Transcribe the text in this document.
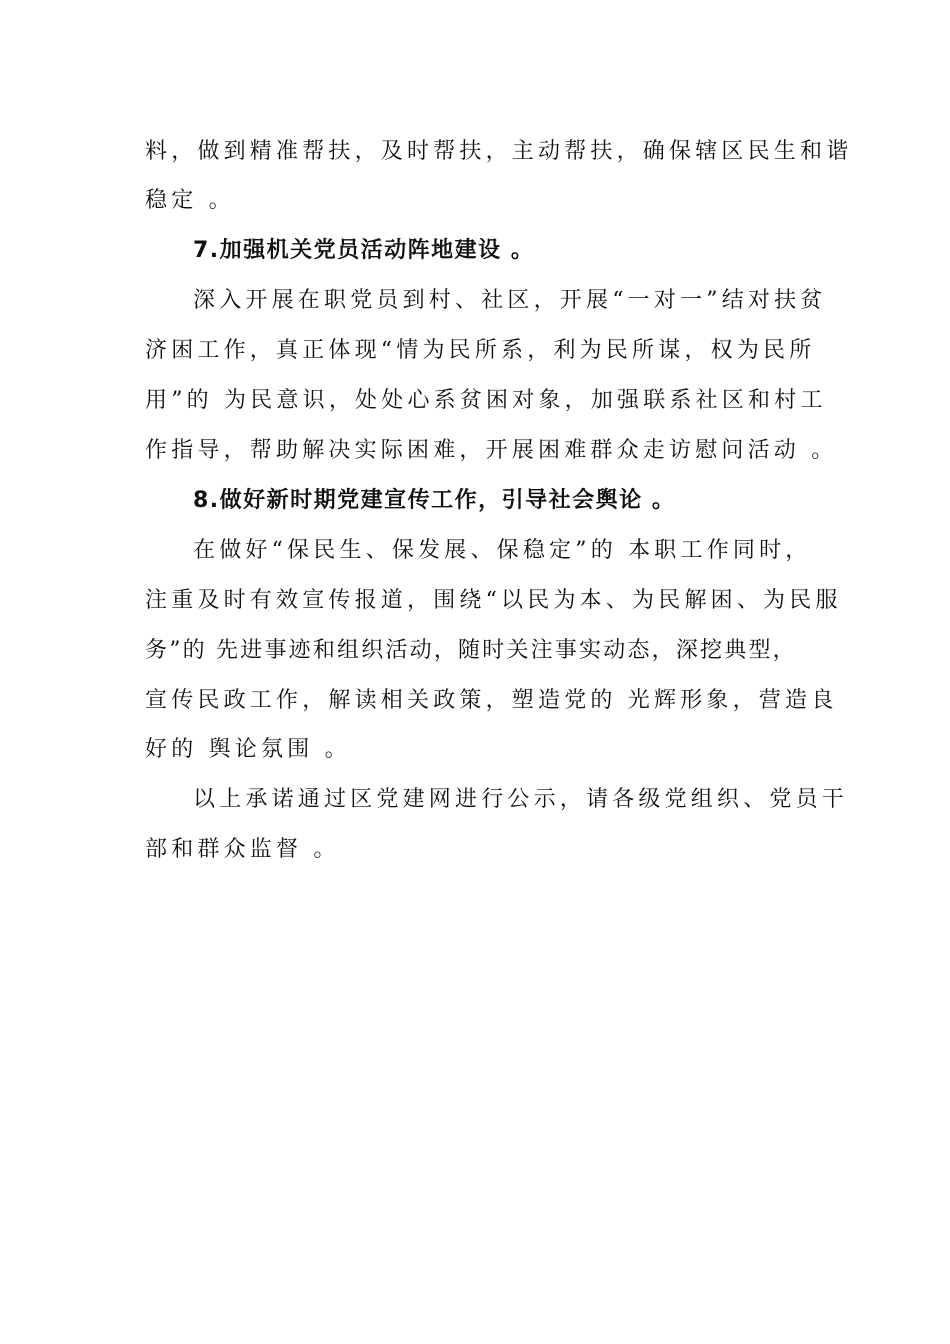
料，做到精准帮扶，及时帮扶，主动帮扶，确保辖区民生和谐
稳定 。
7.加强机关党员活动阵地建设 。
深入开展在职党员到村、社区，开展“一对一”结对扶贫
济困工作，真正体现“情为民所系，利为民所谋，权为民所
用”的 为民意识，处处心系贫困对象，加强联系社区和村工
作指导，帮助解决实际困难，开展困难群众走访慰问活动 。
8.做好新时期党建宣传工作，引导社会舆论 。
在做好“保民生、保发展、保稳定”的 本职工作同时，
注重及时有效宣传报道，围绕“以民为本、为民解困、为民服
务”的 先进事迹和组织活动，随时关注事实动态，深挖典型，
宣传民政工作，解读相关政策，塑造党的 光辉形象，营造良
好的 舆论氛围 。
以上承诺通过区党建网进行公示，请各级党组织、党员干
部和群众监督 。
